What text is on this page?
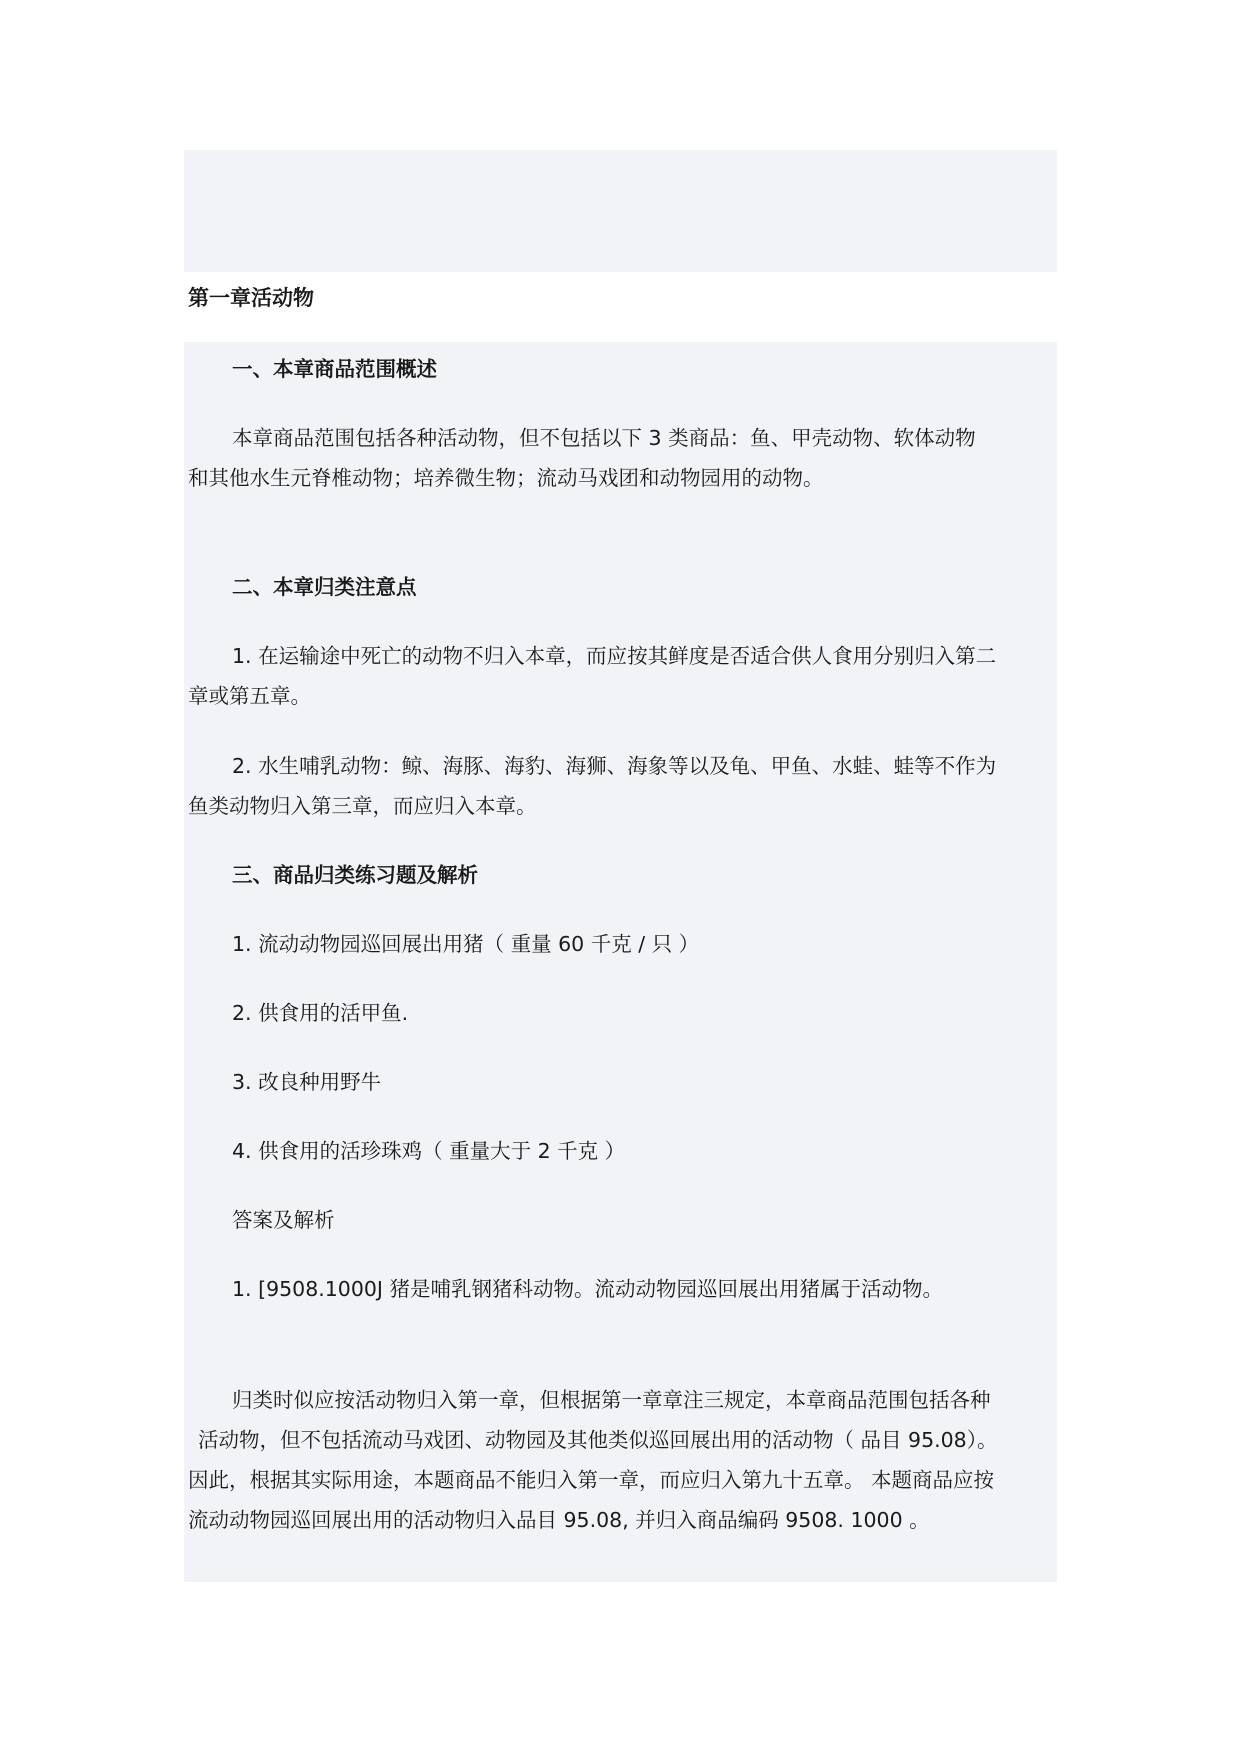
第一章活动物
一、本章商品范围概述
本章商品范围包括各种活动物，但不包括以下 3 类商品：鱼、甲壳动物、软体动物
和其他水生元脊椎动物；培养微生物；流动马戏团和动物园用的动物。
二、本章归类注意点
1. 在运输途中死亡的动物不归入本章，而应按其鲜度是否适合供人食用分别归入第二
章或第五章。
2. 水生哺乳动物：鲸、海豚、海豹、海狮、海象等以及龟、甲鱼、水蛙、蛙等不作为
鱼类动物归入第三章，而应归入本章。
三、商品归类练习题及解析
1. 流动动物园巡回展出用猪（ 重量 60 千克 / 只 ）
2. 供食用的活甲鱼.
3. 改良种用野牛
4. 供食用的活珍珠鸡（ 重量大于 2 千克 ）
答案及解析
1. [9508.1000J 猪是哺乳钢猪科动物。流动动物园巡回展出用猪属于活动物。
归类时似应按活动物归入第一章，但根据第一章章注三规定，本章商品范围包括各种
活动物，但不包括流动马戏团、动物园及其他类似巡回展出用的活动物（ 品目 95.08）。
因此，根据其实际用途，本题商品不能归入第一章，而应归入第九十五章。 本题商品应按
流动动物园巡回展出用的活动物归入品目 95.08, 并归入商品编码 9508. 1000 。
